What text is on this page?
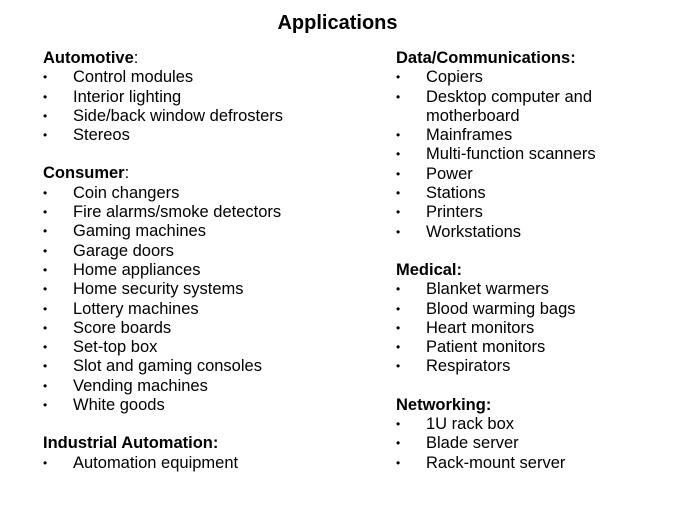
Applications
Automotive:
• Control modules
• Interior lighting
• Side/back window defrosters
• Stereos
Consumer:
• Coin changers
• Fire alarms/smoke detectors
• Gaming machines
• Garage doors
• Home appliances
• Home security systems
• Lottery machines
• Score boards
• Set-top box
• Slot and gaming consoles
• Vending machines
• White goods
Industrial Automation:
• Automation equipment
Data/Communications:
• Copiers
• Desktop computer and motherboard
• Mainframes
• Multi-function scanners
• Power
• Stations
• Printers
• Workstations
Medical:
• Blanket warmers
• Blood warming bags
• Heart monitors
• Patient monitors
• Respirators
Networking:
• 1U rack box
• Blade server
• Rack-mount server
